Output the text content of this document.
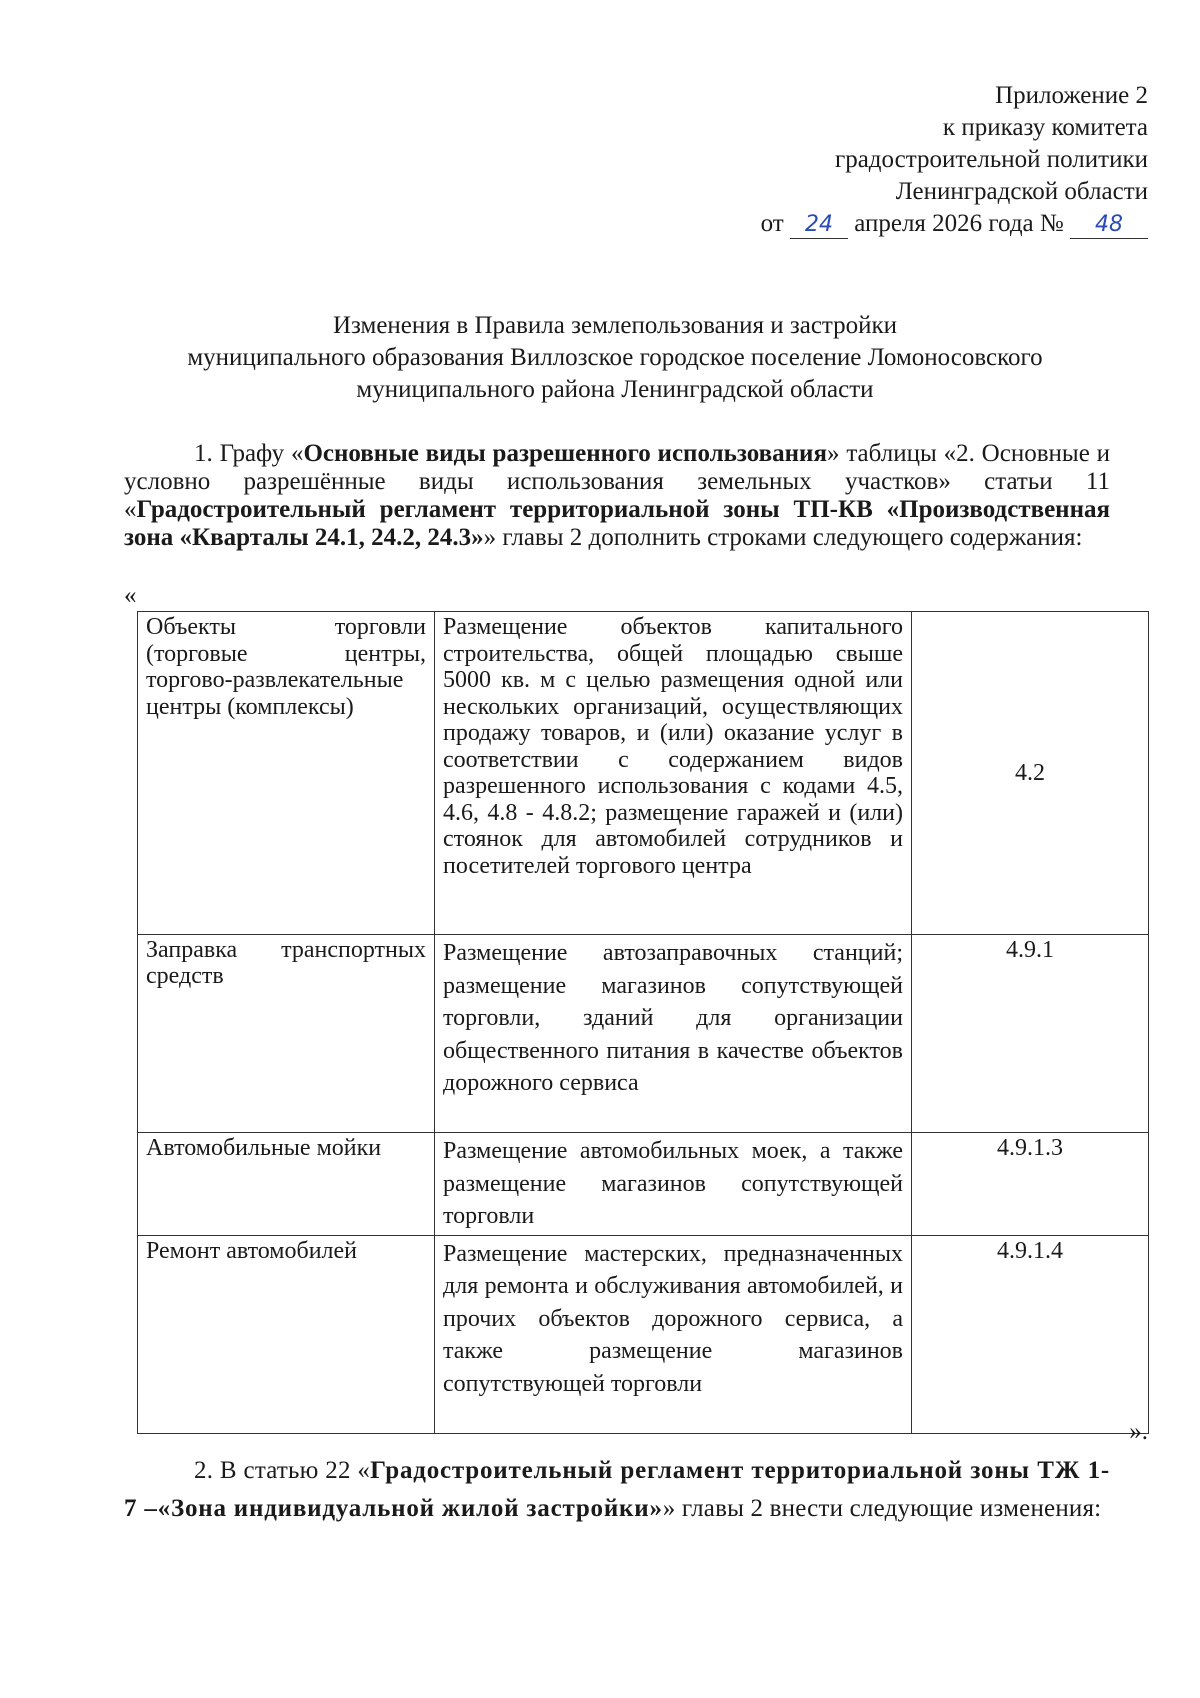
Приложение 2
к приказу комитета
градостроительной политики
Ленинградской области
от 24 апреля 2026 года № 48
Изменения в Правила землепользования и застройки
муниципального образования Виллозское городское поселение Ломоносовского
муниципального района Ленинградской области
1. Графу «Основные виды разрешенного использования» таблицы «2. Основные и условно разрешённые виды использования земельных участков» статьи 11 «Градостроительный регламент территориальной зоны ТП-КВ «Производственная зона «Кварталы 24.1, 24.2, 24.3»» главы 2 дополнить строками следующего содержания:
«
Объекты торговли (торговые центры, торгово-развлекательные центры (комплексы)	Размещение объектов капитального строительства, общей площадью свыше 5000 кв. м с целью размещения одной или нескольких организаций, осуществляющих продажу товаров, и (или) оказание услуг в соответствии с содержанием видов разрешенного использования с кодами 4.5, 4.6, 4.8 - 4.8.2; размещение гаражей и (или) стоянок для автомобилей сотрудников и посетителей торгового центра	4.2
Заправка транспортных средств	Размещение автозаправочных станций; размещение магазинов сопутствующей торговли, зданий для организации общественного питания в качестве объектов дорожного сервиса	4.9.1
Автомобильные мойки	Размещение автомобильных моек, а также размещение магазинов сопутствующей торговли	4.9.1.3
Ремонт автомобилей	Размещение мастерских, предназначенных для ремонта и обслуживания автомобилей, и прочих объектов дорожного сервиса, а также размещение магазинов сопутствующей торговли	4.9.1.4
».
2. В статью 22 «Градостроительный регламент территориальной зоны ТЖ 1-7 –«Зона индивидуальной жилой застройки»» главы 2 внести следующие изменения:
